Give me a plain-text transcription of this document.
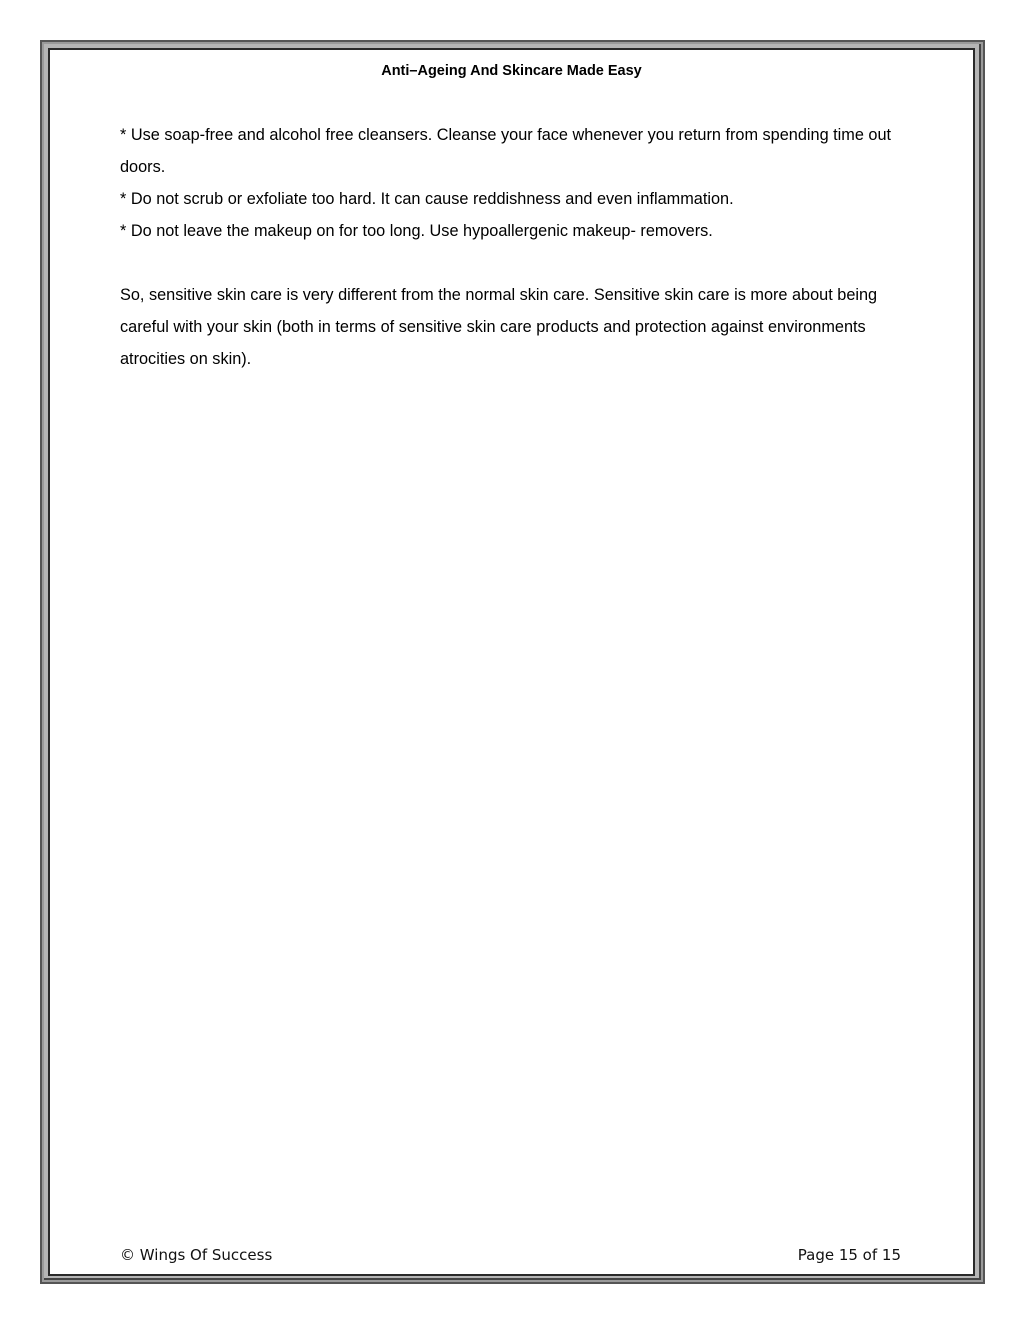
Anti–Ageing And Skincare Made Easy

* Use soap-free and alcohol free cleansers. Cleanse your face whenever you return from spending time out doors.

* Do not scrub or exfoliate too hard. It can cause reddishness and even inflammation.

* Do not leave the makeup on for too long. Use hypoallergenic makeup- removers.

So, sensitive skin care is very different from the normal skin care. Sensitive skin care is more about being careful with your skin (both in terms of sensitive skin care products and protection against environments atrocities on skin).

© Wings Of Success	Page 15 of 15
